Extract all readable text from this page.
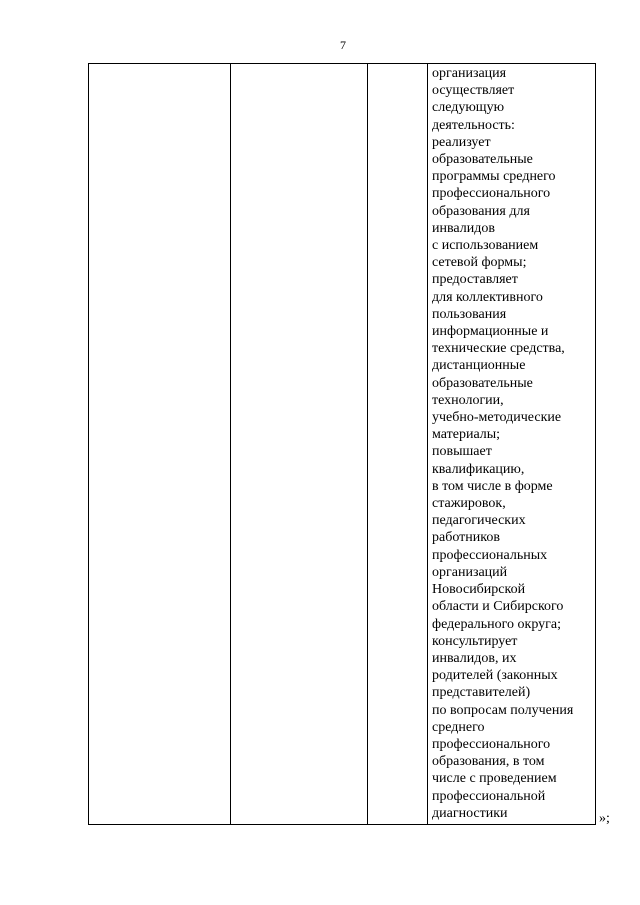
7

организация
осуществляет
следующую
деятельность:
реализует
образовательные
программы среднего
профессионального
образования для
инвалидов
с использованием
сетевой формы;
предоставляет
для коллективного
пользования
информационные и
технические средства,
дистанционные
образовательные
технологии,
учебно-методические
материалы;
повышает
квалификацию,
в том числе в форме
стажировок,
педагогических
работников
профессиональных
организаций
Новосибирской
области и Сибирского
федерального округа;
консультирует
инвалидов, их
родителей (законных
представителей)
по вопросам получения
среднего
профессионального
образования, в том
числе с проведением
профессиональной
диагностики	»;
